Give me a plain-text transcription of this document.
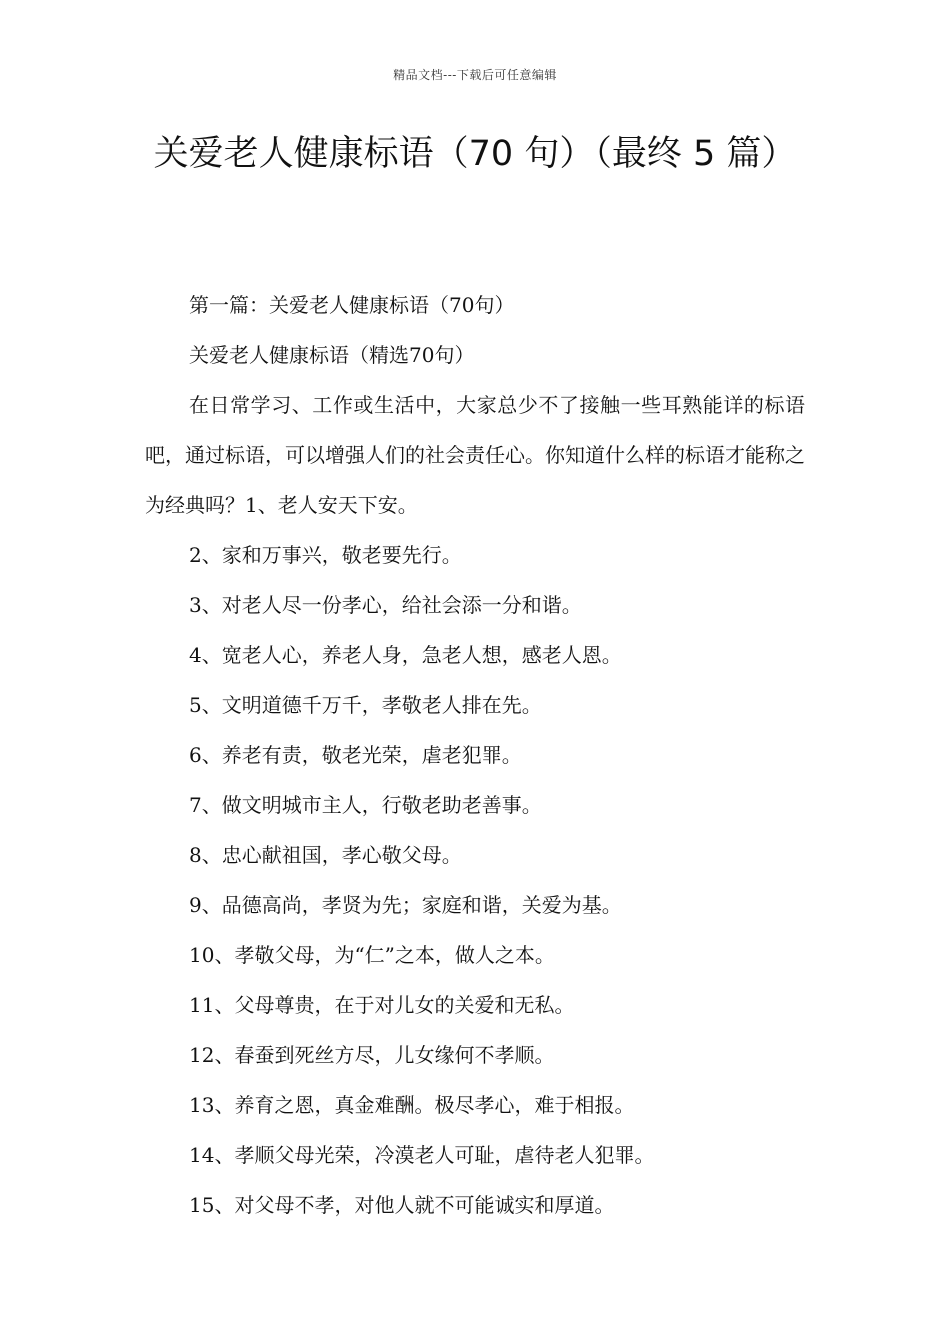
精品文档---下载后可任意编辑
关爱老人健康标语（70 句）（最终 5 篇）

第一篇：关爱老人健康标语（70句）

关爱老人健康标语（精选70句）

在日常学习、工作或生活中，大家总少不了接触一些耳熟能详的标语吧，通过标语，可以增强人们的社会责任心。你知道什么样的标语才能称之为经典吗？1、老人安天下安。

2、家和万事兴，敬老要先行。

3、对老人尽一份孝心，给社会添一分和谐。

4、宽老人心，养老人身，急老人想，感老人恩。

5、文明道德千万千，孝敬老人排在先。

6、养老有责，敬老光荣，虐老犯罪。

7、做文明城市主人，行敬老助老善事。

8、忠心献祖国，孝心敬父母。

9、品德高尚，孝贤为先；家庭和谐，关爱为基。

10、孝敬父母，为“仁”之本，做人之本。

11、父母尊贵，在于对儿女的关爱和无私。

12、春蚕到死丝方尽，儿女缘何不孝顺。

13、养育之恩，真金难酬。极尽孝心，难于相报。

14、孝顺父母光荣，冷漠老人可耻，虐待老人犯罪。

15、对父母不孝，对他人就不可能诚实和厚道。
